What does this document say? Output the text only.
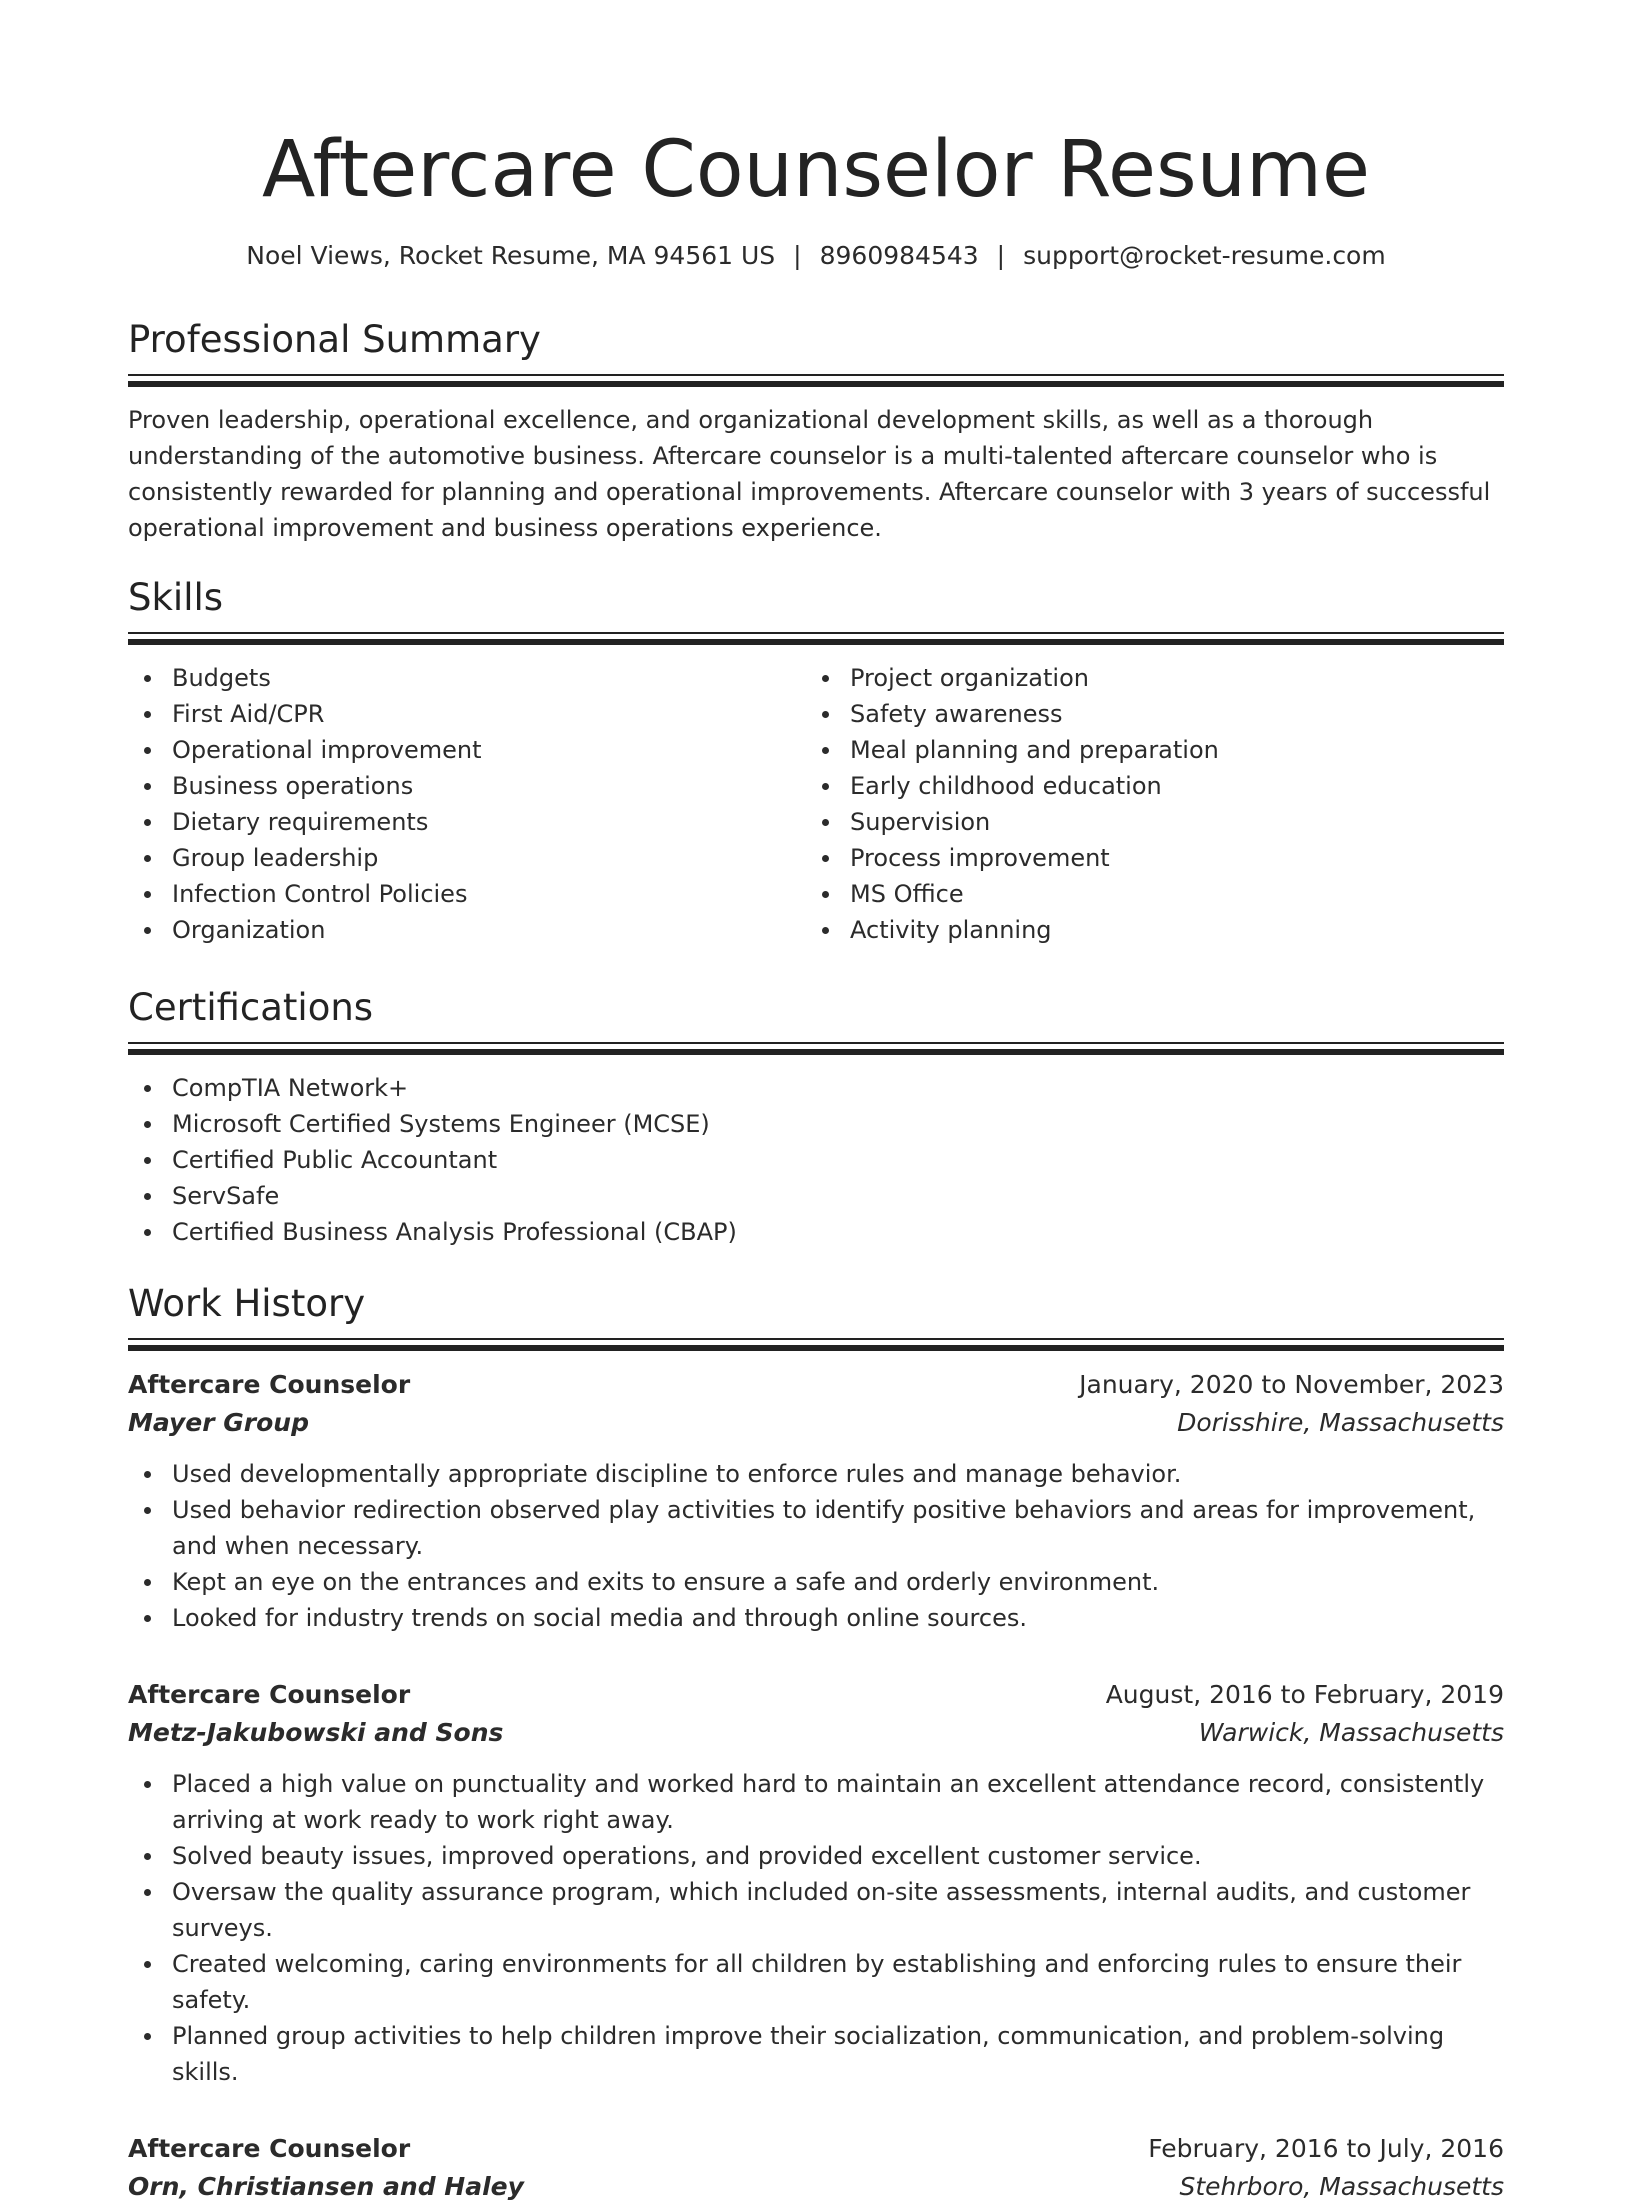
Aftercare Counselor Resume
Noel Views, Rocket Resume, MA 94561 US | 8960984543 | support@rocket-resume.com
Professional Summary

Proven leadership, operational excellence, and organizational development skills, as well as a thorough understanding of the automotive business. Aftercare counselor is a multi-talented aftercare counselor who is consistently rewarded for planning and operational improvements. Aftercare counselor with 3 years of successful operational improvement and business operations experience.

Skills
Budgets
First Aid/CPR
Operational improvement
Business operations
Dietary requirements
Group leadership
Infection Control Policies
Organization
Project organization
Safety awareness
Meal planning and preparation
Early childhood education
Supervision
Process improvement
MS Office
Activity planning
Certifications
CompTIA Network+
Microsoft Certified Systems Engineer (MCSE)
Certified Public Accountant
ServSafe
Certified Business Analysis Professional (CBAP)
Work History
Aftercare Counselor	January, 2020 to November, 2023
Mayer Group	Dorisshire, Massachusetts
Used developmentally appropriate discipline to enforce rules and manage behavior.
Used behavior redirection observed play activities to identify positive behaviors and areas for improvement, and when necessary.
Kept an eye on the entrances and exits to ensure a safe and orderly environment.
Looked for industry trends on social media and through online sources.
Aftercare Counselor	August, 2016 to February, 2019
Metz-Jakubowski and Sons	Warwick, Massachusetts
Placed a high value on punctuality and worked hard to maintain an excellent attendance record, consistently arriving at work ready to work right away.
Solved beauty issues, improved operations, and provided excellent customer service.
Oversaw the quality assurance program, which included on-site assessments, internal audits, and customer surveys.
Created welcoming, caring environments for all children by establishing and enforcing rules to ensure their safety.
Planned group activities to help children improve their socialization, communication, and problem-solving skills.
Aftercare Counselor	February, 2016 to July, 2016
Orn, Christiansen and Haley	Stehrboro, Massachusetts
